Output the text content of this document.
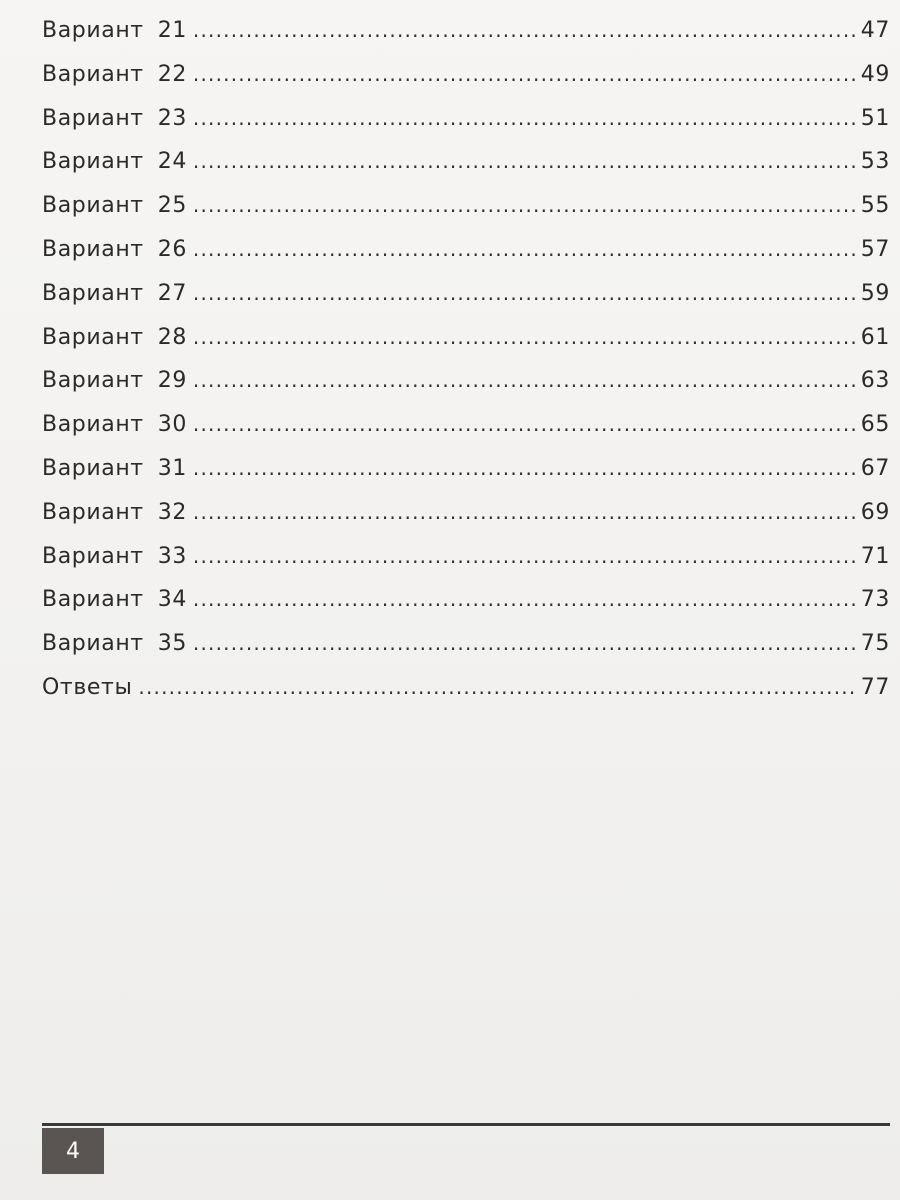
Вариант 21 .....	47
Вариант 22 .....	49
Вариант 23 .....	51
Вариант 24 .....	53
Вариант 25 .....	55
Вариант 26 .....	57
Вариант 27 .....	59
Вариант 28 .....	61
Вариант 29 .....	63
Вариант 30 .....	65
Вариант 31 .....	67
Вариант 32 .....	69
Вариант 33 .....	71
Вариант 34 .....	73
Вариант 35 .....	75
Ответы .....	77
4
